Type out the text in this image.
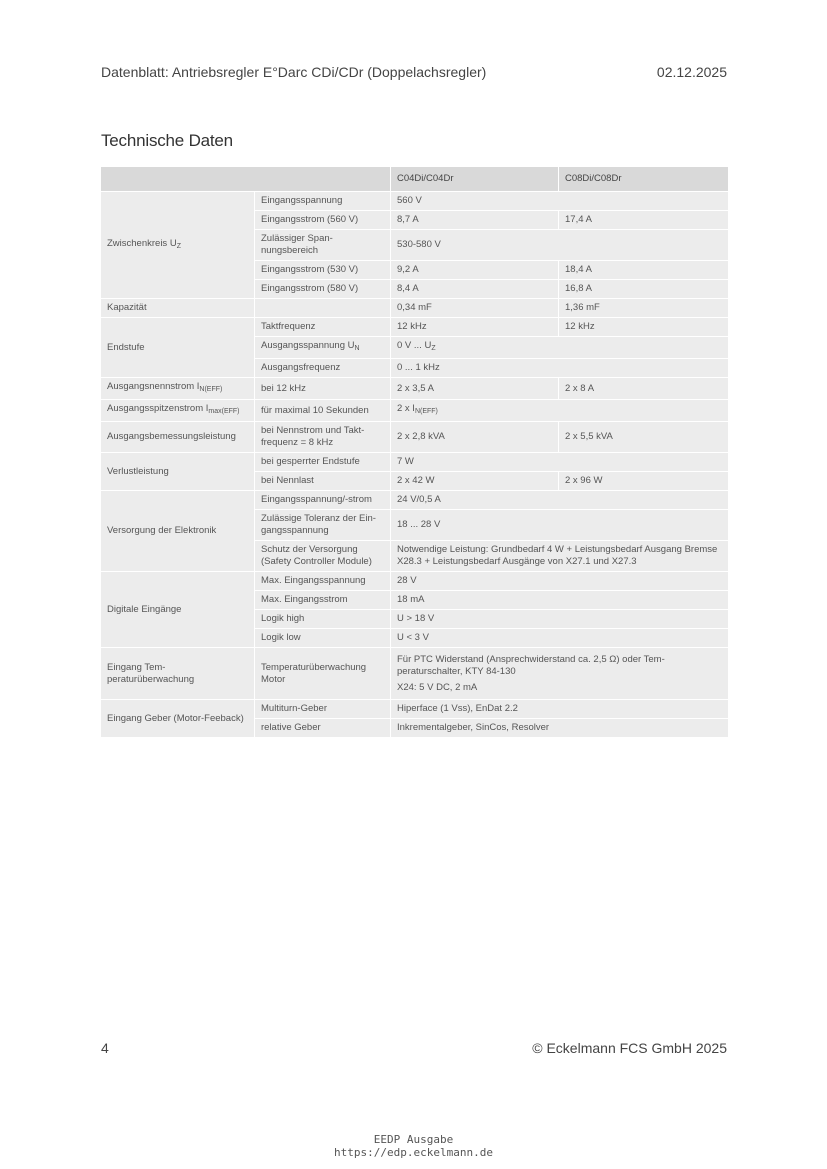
Datenblatt: Antriebsregler E°Darc CDi/CDr (Doppelachsregler)	02.12.2025
Technische Daten
		C04Di/C04Dr	C08Di/C08Dr
Zwischenkreis $U_Z$	Eingangsspannung	560 V	
	Eingangsstrom (560 V)	8,7 A	17,4 A
	Zulässiger Span-nungsbereich	530-580 V	
	Eingangsstrom (530 V)	9,2 A	18,4 A
	Eingangsstrom (580 V)	8,4 A	16,8 A
Kapazität		0,34 mF	1,36 mF
Endstufe	Taktfrequenz	12 kHz	12 kHz
	Ausgangsspannung $U_N$	0 V ... $U_Z$
	Ausgangsfrequenz	0 ... 1 kHz	
Ausgangsnennstrom $I_{N(EFF)}$	bei 12 kHz	2 x 3,5 A	2 x 8 A
Ausgangsspitzenstrom $I_{max(EFF)}$	für maximal 10 Sekunden	2 x $I_{N(EFF)}$
Ausgangsbemessungsleistung	bei Nennstrom und Takt-frequenz = 8 kHz	2 x 2,8 kVA	2 x 5,5 kVA
Verlustleistung	bei gesperrter Endstufe	7 W	
	bei Nennlast	2 x 42 W	2 x 96 W
Versorgung der Elektronik	Eingangsspannung/-strom	24 V/0,5 A	
	Zulässige Toleranz der Ein-gangsspannung	18 ... 28 V	
	Schutz der Versorgung (Safety Controller Module)	Notwendige Leistung: Grundbedarf 4 W + Leistungsbedarf Ausgang Bremse X28.3 + Leistungsbedarf Ausgänge von X27.1 und X27.3	
Digitale Eingänge	Max. Eingangsspannung	28 V	
	Max. Eingangsstrom	18 mA	
	Logik high	U > 18 V	
	Logik low	U < 3 V	
Eingang Tem-peraturüberwachung	Temperaturüberwachung Motor	Für PTC Widerstand (Ansprechwiderstand ca. 2,5 Ω) oder Tem-peraturschalter, KTY 84-130
X24: 5 V DC, 2 mA	

Eingang Geber (Motor-Feeback)	Multiturn-Geber	Hiperface (1 Vss), EnDat 2.2	
	relative Geber	Inkrementalgeber, SinCos, Resolver	
4	© Eckelmann FCS GmbH 2025
EEDP Ausgabe
https://edp.eckelmann.de
